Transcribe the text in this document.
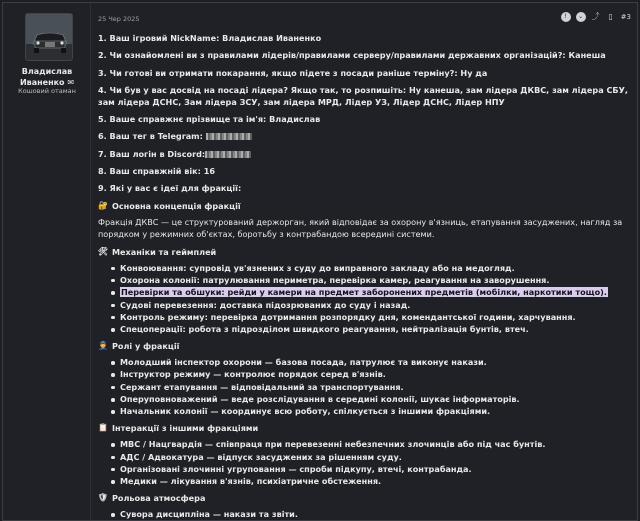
Владислав
Иваненко ✉
Кошовий отаман
25 Чер 2025	!	⌄	⤴	▯	#3
1. Ваш ігровий NickName: Владислав Иваненко
2. Чи ознайомлені ви з правилами лідерів/правилами серверу/правилами державних організацій?: Канеша
3. Чи готові ви отримати покарання, якщо підете з посади раніше терміну?: Ну да
4. Чи був у вас досвід на посаді лідера? Якщо так, то розпишіть: Ну канеша, зам лідера ДКВС, зам лідера СБУ, зам лідера ДСНС, Зам лідера ЗСУ, зам лідера МРД, Лідер УЗ, Лідер ДСНС, Лідер НПУ
5. Ваше справжнє прізвище та ім'я: Владислав
6. Ваш тег в Telegram:
7. Ваш логін в Discord:
8. Ваш справжній вік: 16
9. Які у вас є ідеї для фракції:
🔐 Основна концепція фракції
Фракція ДКВС — це структурований держорган, який відповідає за охорону в'язниць, етапування засуджених, нагляд за порядком у режимних об'єктах, боротьбу з контрабандою всередині системи.
🛠 Механіки та геймплей
Конвоювання: супровід ув'язнених з суду до виправного закладу або на медогляд.
Охорона колонії: патрулювання периметра, перевірка камер, реагування на заворушення.
Перевірки та обшуки: рейди у камери на предмет заборонених предметів (мобілки, наркотики тощо).
Судові перевезення: доставка підозрюваних до суду і назад.
Контроль режиму: перевірка дотримання розпорядку дня, комендантської години, харчування.
Спецоперації: робота з підрозділом швидкого реагування, нейтралізація бунтів, втеч.
👮 Ролі у фракції
Молодший інспектор охорони — базова посада, патрулює та виконує накази.
Інструктор режиму — контролює порядок серед в'язнів.
Сержант етапування — відповідальний за транспортування.
Оперуповноважений — веде розслідування в середині колонії, шукає інформаторів.
Начальник колонії — координує всю роботу, спілкується з іншими фракціями.
📋 Інтеракції з іншими фракціями
МВС / Нацгвардія — співпраця при перевезенні небезпечних злочинців або під час бунтів.
АДС / Адвокатура — відпуск засуджених за рішенням суду.
Організовані злочинні угруповання — спроби підкупу, втечі, контрабанда.
Медики — лікування в'язнів, психіатричне обстеження.
🛡 Рольова атмосфера
Сувора дисципліна — накази та звіти.
